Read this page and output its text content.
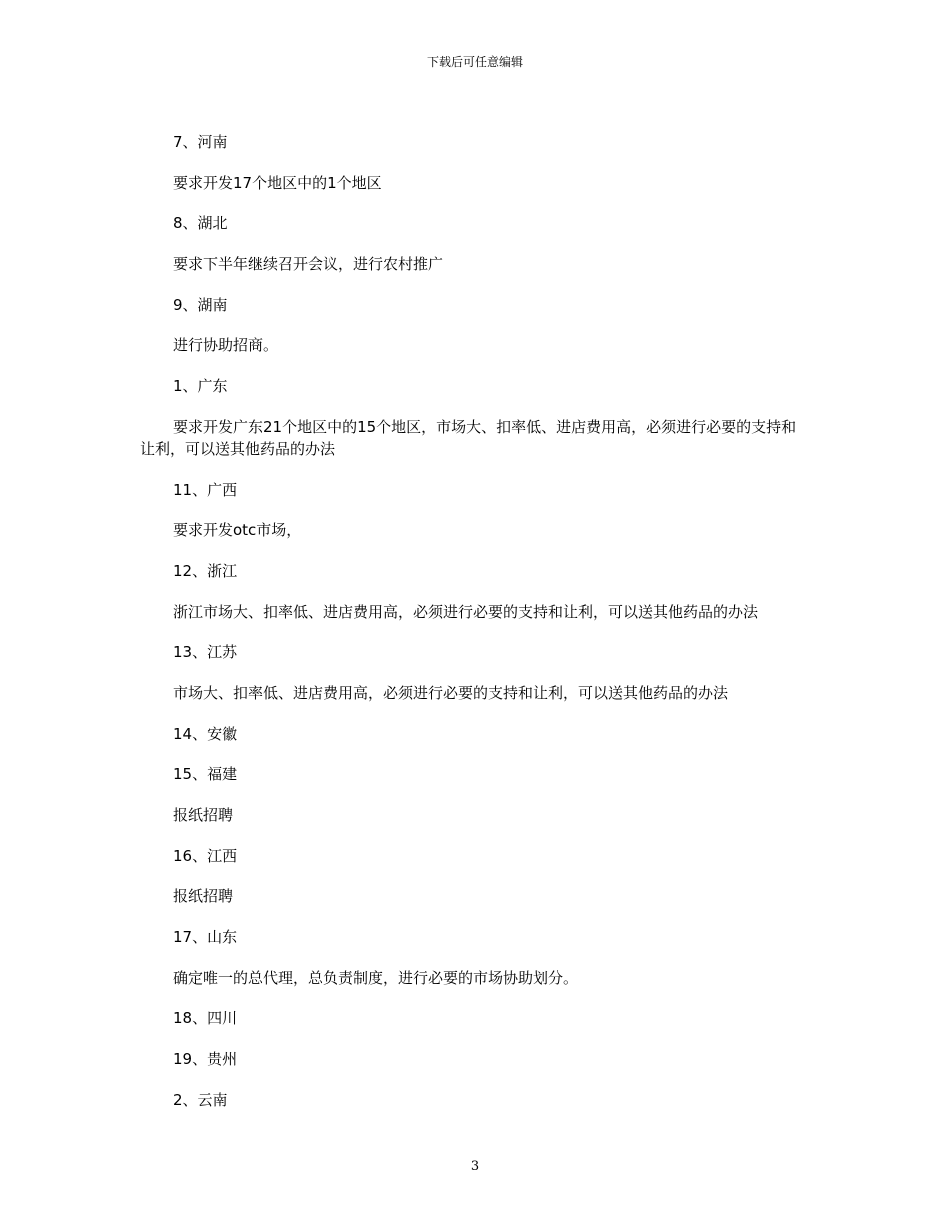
下载后可任意编辑

7、河南

要求开发17个地区中的1个地区

8、湖北

要求下半年继续召开会议，进行农村推广

9、湖南

进行协助招商。

1、广东

要求开发广东21个地区中的15个地区，市场大、扣率低、进店费用高，必须进行必要的支持和让利，可以送其他药品的办法

11、广西

要求开发otc市场，

12、浙江

浙江市场大、扣率低、进店费用高，必须进行必要的支持和让利，可以送其他药品的办法

13、江苏

市场大、扣率低、进店费用高，必须进行必要的支持和让利，可以送其他药品的办法

14、安徽

15、福建

报纸招聘

16、江西

报纸招聘

17、山东

确定唯一的总代理，总负责制度，进行必要的市场协助划分。

18、四川

19、贵州

2、云南

3
